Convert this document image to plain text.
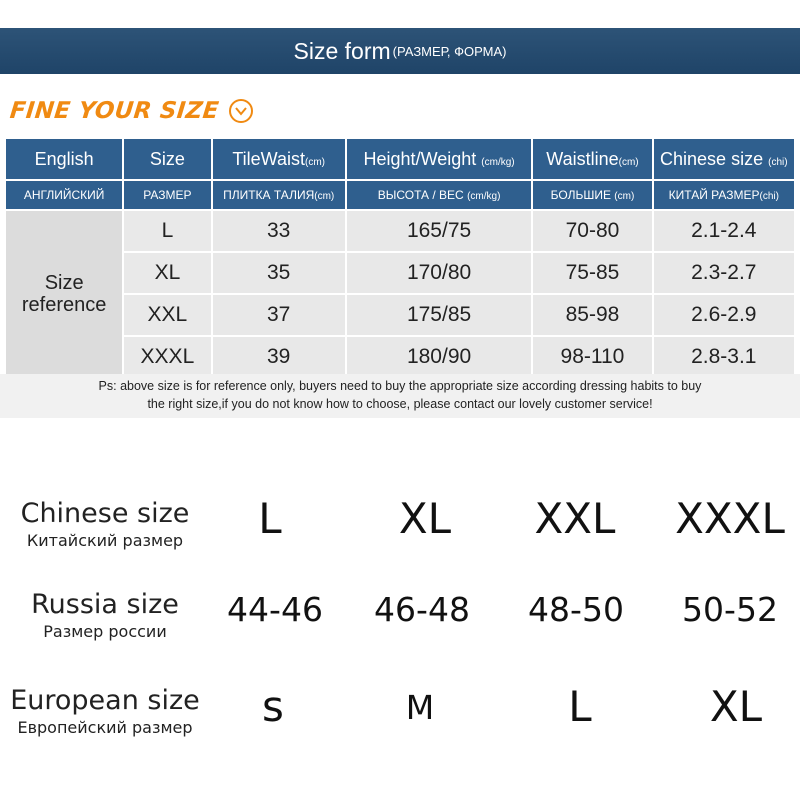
Size form (РАЗМЕР, ФОРМА)
FINE YOUR SIZE
English	Size	TileWaist(cm)	Height/Weight (cm/kg)	Waistline(cm)	Chinese size (chi)
АНГЛИЙСКИЙ	РАЗМЕР	ПЛИТКА ТАЛИЯ(cm)	ВЫСОТА / ВЕС (cm/kg)	БОЛЬШИЕ (cm)	КИТАЙ РАЗМЕР(chi)

Size
reference	L	33	165/75	70-80	2.1-2.4
	XL	35	170/80	75-85	2.3-2.7
	XXL	37	175/85	85-98	2.6-2.9
	XXXL	39	180/90	98-110	2.8-3.1
Ps: above size is for reference only, buyers need to buy the appropriate size according dressing habits to buy
the right size,if you do not know how to choose, please contact our lovely customer service!
Chinese size
Китайский размер	L	XL	XXL	XXXL
Russia size
Размер россии
44-46	46-48	48-50	50-52
European size
Европейский размер	s	M	L	XL
